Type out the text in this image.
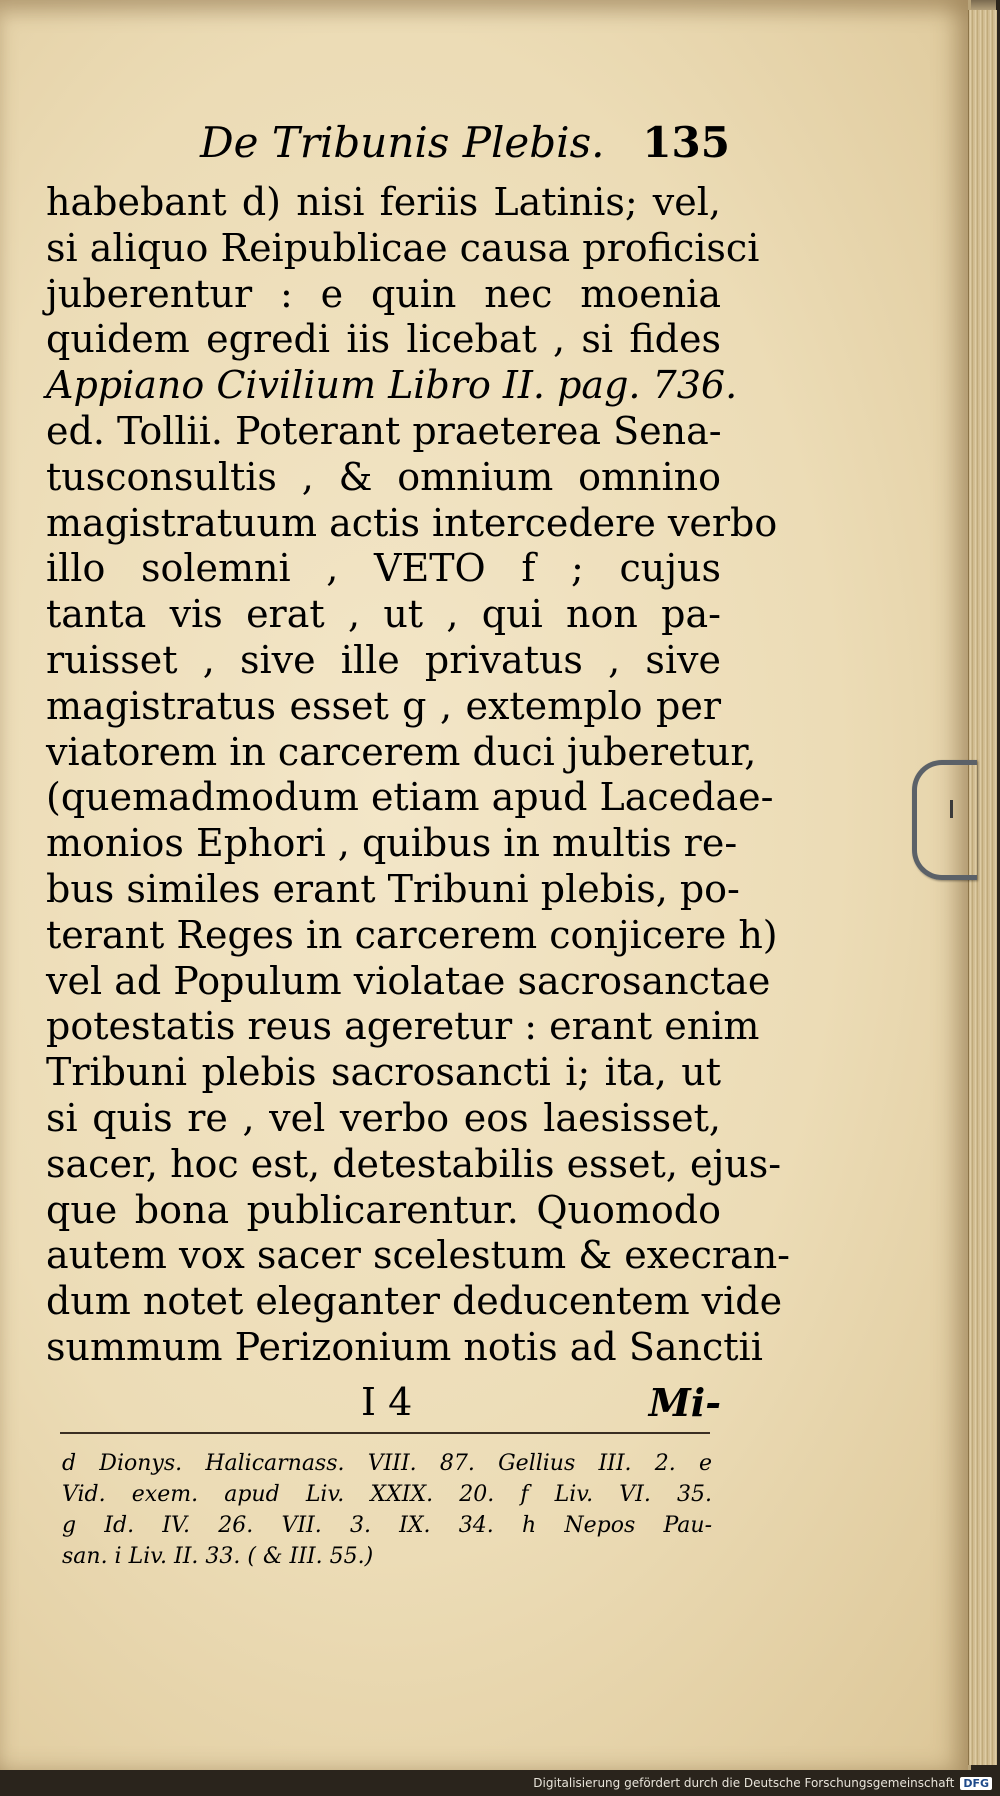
De Tribunis Plebis. 135
habebant d) nisi feriis Latinis; vel,
si aliquo Reipublicae causa proficisci
juberentur : e quin nec moenia
quidem egredi iis licebat , si fides
Appiano Civilium Libro II. pag. 736.
ed. Tollii. Poterant praeterea Sena-
tusconsultis , & omnium omnino
magistratuum actis intercedere verbo
illo solemni , VETO f ; cujus
tanta vis erat , ut , qui non pa-
ruisset , sive ille privatus , sive
magistratus esset g , extemplo per
viatorem in carcerem duci juberetur,
(quemadmodum etiam apud Lacedae-
monios Ephori , quibus in multis re-
bus similes erant Tribuni plebis, po-
terant Reges in carcerem conjicere h)
vel ad Populum violatae sacrosanctae
potestatis reus ageretur : erant enim
Tribuni plebis sacrosancti i; ita, ut
si quis re , vel verbo eos laesisset,
sacer, hoc est, detestabilis esset, ejus-
que bona publicarentur. Quomodo
autem vox sacer scelestum & execran-
dum notet eleganter deducentem vide
summum Perizonium notis ad Sanctii
I 4	Mi-
d Dionys. Halicarnass. VIII. 87. Gellius III. 2. e
Vid. exem. apud Liv. XXIX. 20. f Liv. VI. 35.
g Id. IV. 26. VII. 3. IX. 34. h Nepos Pau-
san. i Liv. II. 33. ( & III. 55.)
Digitalisierung gefördert durch die Deutsche Forschungsgemeinschaft DFG
